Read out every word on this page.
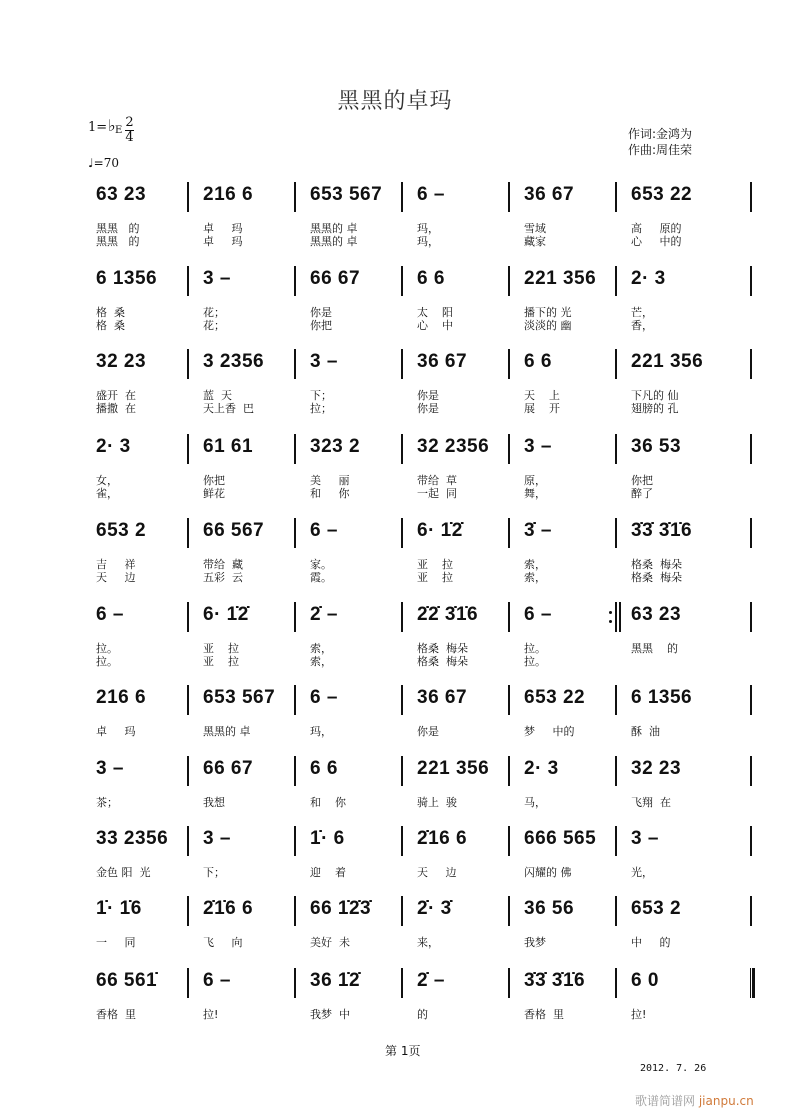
黑黑的卓玛
1= ♭ E
2
4
♩=70
作词:金鸿为
作曲:周佳荣
63 23
黑黑   的
黑黑   的
216 6
卓     玛
卓     玛
653 567
黑黑的 卓
黑黑的 卓
6 –
玛，
玛，
36 67
雪域
藏家
653 22
高     原的
心     中的
6 1356
格  桑
格  桑
3 –
花；
花；
66 67
你是
你把
6 6
太    阳
心    中
221 356
播下的 光
淡淡的 幽
2· 3
芒，
香，
32 23
盛开  在
播撒  在
3 2356
蓝  天
天上香  巴
3 –
下；
拉；
36 67
你是
你是
6 6
天    上
展    开
221 356
下凡的 仙
翅膀的 孔
2· 3
女，
雀，
61 61
你把
鲜花
323 2
美     丽
和     你
32 2356
带给  草
一起  同
3 –
原，
舞，
36 53
你把
醉了
653 2
吉     祥
天     边
66 567
带给  藏
五彩  云
6 –
家。
霞。
6· 1̇2̇
亚    拉
亚    拉
3̇ –
索，
索，
3̇3̇ 3̇1̇6
格桑  梅朵
格桑  梅朵
6 –
拉。
拉。
6· 1̇2̇
亚    拉
亚    拉
2̇ –
索，
索，
2̇2̇ 3̇1̇6
格桑  梅朵
格桑  梅朵
6 –
拉。
拉。
63 23
黑黑    的
216 6
卓     玛
653 567
黑黑的 卓
6 –
玛，
36 67
你是
653 22
梦     中的
6 1356
酥  油
3 –
茶；
66 67
我想
6 6
和    你
221 356
骑上  骏
2· 3
马，
32 23
飞翔  在
33 2356
金色 阳  光
3 –
下；
1̇· 6
迎    着
2̇16 6
天     边
666 565
闪耀的 佛
3 –
光，
1̇· 1̇6
一     同
2̇1̇6 6
飞     向
66 1̇2̇3̇
美好  未
2̇· 3̇
来，
36 56
我梦
653 2
中     的
66 561̇
香格  里
6 –
拉!
36 1̇2̇
我梦  中
2̇ –
的
3̇3̇ 3̇1̇6
香格  里
6 0
拉!
第 1页
2012. 7. 26
歌谱简谱网 jianpu.cn
